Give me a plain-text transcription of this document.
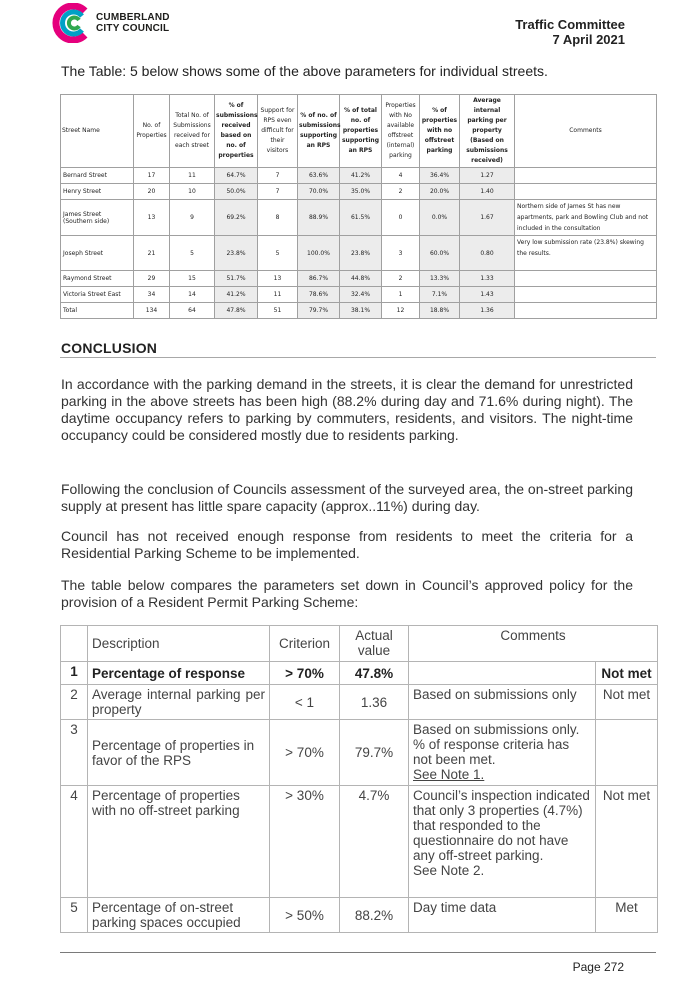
CUMBERLAND
CITY COUNCIL	Traffic Committee
7 April 2021
The Table: 5 below shows some of the above parameters for individual streets.
Street Name	No. of Properties	Total No. of Submissions received for each street	% of submissions received based on no. of properties	Support for RPS even difficult for their visitors	% of no. of submissions supporting an RPS	% of total no. of properties supporting an RPS	Properties with No available offstreet (internal) parking	% of properties with no offstreet parking	Average internal parking per property (Based on submissions received)	Comments
Bernard Street	17	11	64.7%	7	63.6%	41.2%	4	36.4%	1.27	
Henry Street	20	10	50.0%	7	70.0%	35.0%	2	20.0%	1.40	
James Street (Southern side)	13	9	69.2%	8	88.9%	61.5%	0	0.0%	1.67	Northern side of James St has new apartments, park and Bowling Club and not included in the consultation
Joseph Street	21	5	23.8%	5	100.0%	23.8%	3	60.0%	0.80	Very low submission rate (23.8%) skewing the results.
Raymond Street	29	15	51.7%	13	86.7%	44.8%	2	13.3%	1.33	
Victoria Street East	34	14	41.2%	11	78.6%	32.4%	1	7.1%	1.43	
Total	134	64	47.8%	51	79.7%	38.1%	12	18.8%	1.36	
CONCLUSION
In accordance with the parking demand in the streets, it is clear the demand for unrestricted parking in the above streets has been high (88.2% during day and 71.6% during night). The daytime occupancy refers to parking by commuters, residents, and visitors. The night-time occupancy could be considered mostly due to residents parking.
Following the conclusion of Councils assessment of the surveyed area, the on-street parking supply at present has little spare capacity (approx..11%) during day.
Council has not received enough response from residents to meet the criteria for a Residential Parking Scheme to be implemented.
The table below compares the parameters set down in Council’s approved policy for the provision of a Resident Permit Parking Scheme:
	Description	Criterion	Actual value	Comments	
1	Percentage of response	> 70%	47.8%		Not met
2	Average internal parking per property	< 1	1.36	Based on submissions only	Not met
3	Percentage of properties in favor of the RPS	> 70%	79.7%	Based on submissions only.
% of response criteria has
not been met.
See Note 1.	

4	Percentage of properties with no off-street parking	> 30%	4.7%	Council’s inspection indicated that only 3 properties (4.7%) that responded to the questionnaire do not have any off-street parking.
See Note 2.	Not met
5	Percentage of on-street parking spaces occupied	> 50%	88.2%	Day time data	Met
Page 272
